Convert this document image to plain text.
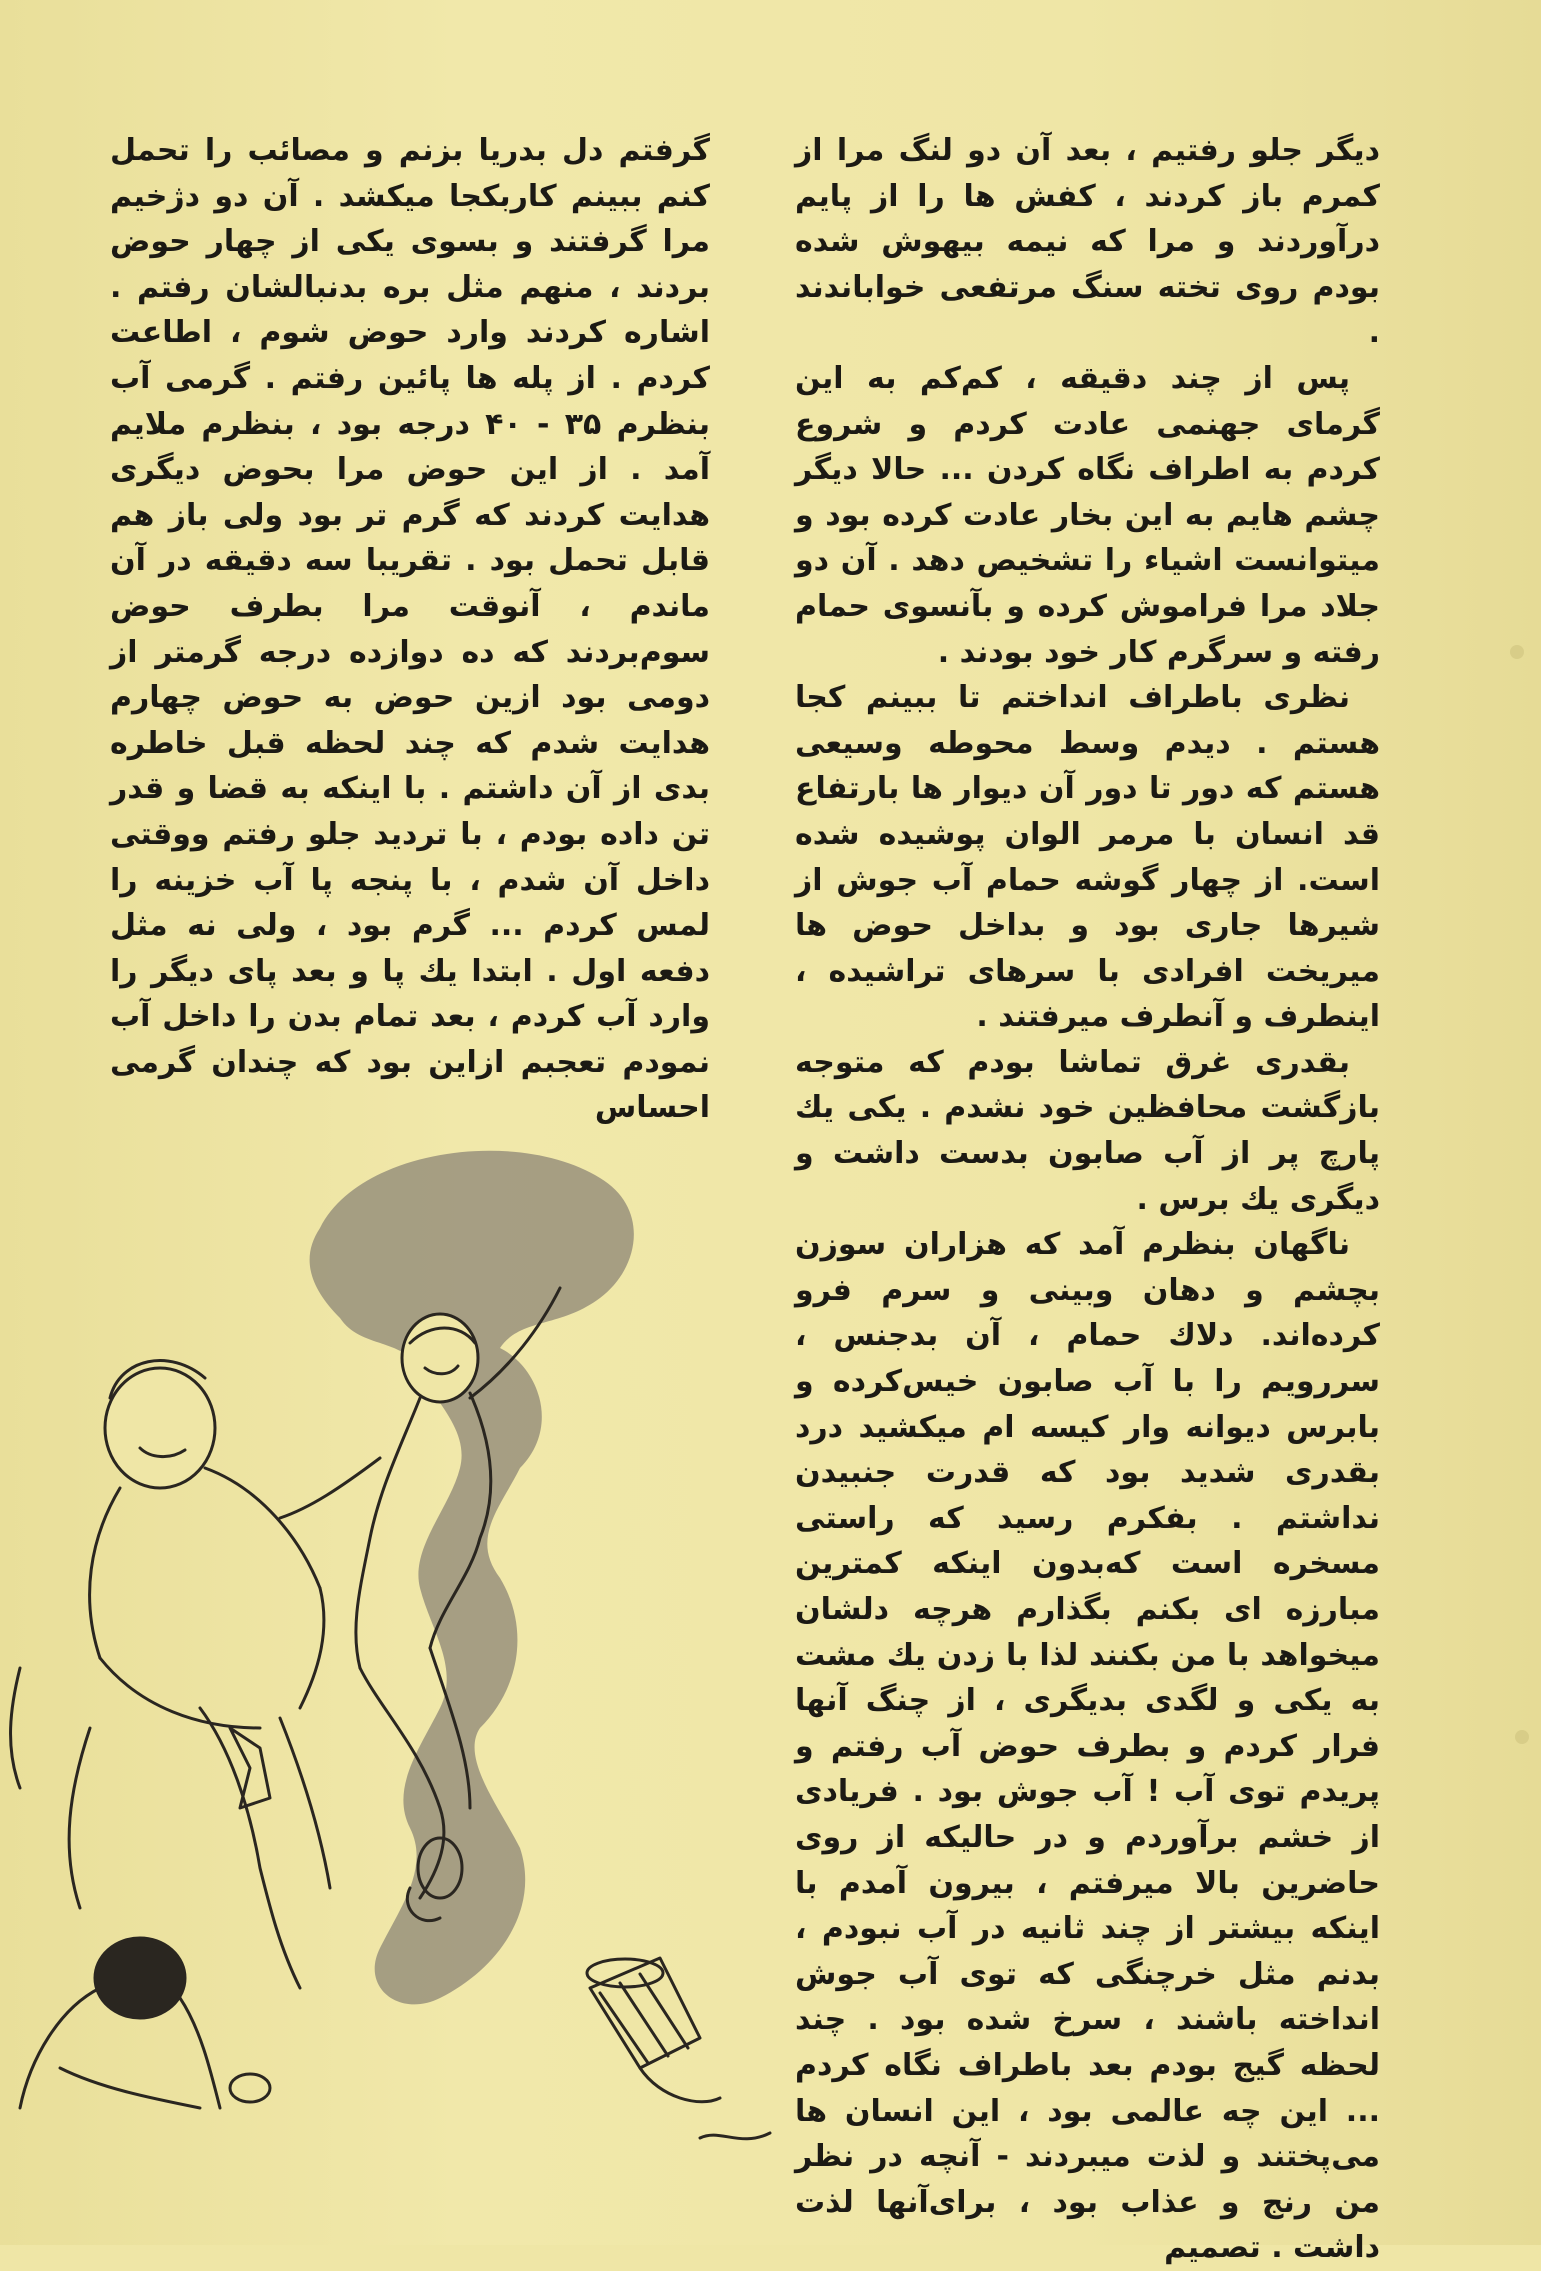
دیگر جلو رفتیم ، بعد آن دو لنگ مرا از کمرم باز کردند ، کفش ها را از پایم درآوردند و مرا که نیمه بیهوش شده بودم روی تخته سنگ مرتفعی خواباندند .

پس از چند دقیقه ، کم‌کم به این گرمای جهنمی عادت کردم و شروع کردم به اطراف نگاه کردن ... حالا دیگر چشم هایم به این بخار عادت کرده بود و میتوانست اشیاء را تشخیص دهد . آن دو جلاد مرا فراموش کرده و بآنسوی حمام رفته و سرگرم کار خود بودند .

نظری باطراف انداختم تا ببینم کجا هستم . دیدم وسط محوطه وسیعی هستم که دور تا دور آن دیوار ها بارتفاع قد انسان با مرمر الوان پوشیده شده است. از چهار گوشه حمام آب جوش از شیرها جاری بود و بداخل حوض ها میریخت افرادی با سرهای تراشیده ، اینطرف و آنطرف میرفتند .

بقدری غرق تماشا بودم که متوجه بازگشت محافظین خود نشدم . یکی یك پارچ پر از آب صابون بدست داشت و دیگری یك برس .

ناگهان بنظرم آمد که هزاران سوزن بچشم و دهان وبینی و سرم فرو کرده‌اند. دلاك حمام ، آن بدجنس ، سررویم را با آب صابون خیس‌کرده و بابرس دیوانه وار کیسه ام میکشید درد بقدری شدید بود که قدرت جنبیدن نداشتم . بفکرم رسید که راستی مسخره است که‌بدون اینکه کمترین مبارزه ای بکنم بگذارم هرچه دلشان میخواهد با من بکنند لذا با زدن یك مشت به یکی و لگدی بدیگری ، از چنگ آنها فرار کردم و بطرف حوض آب رفتم و پریدم توی آب ! آب جوش بود . فریادی از خشم برآوردم و در حالیکه از روی حاضرین بالا میرفتم ، بیرون آمدم با اینکه بیشتر از چند ثانیه در آب نبودم ، بدنم مثل خرچنگی که توی آب جوش انداخته باشند ، سرخ شده بود . چند لحظه گیج بودم بعد باطراف نگاه کردم ... این چه عالمی بود ، این انسان ها می‌پختند و لذت میبردند - آنچه در نظر من رنج و عذاب بود ، برای‌آنها لذت داشت . تصمیم

گرفتم دل بدریا بزنم و مصائب را تحمل کنم ببینم کاربکجا میکشد . آن دو دژخیم مرا گرفتند و بسوی یکی از چهار حوض بردند ، منهم مثل بره بدنبالشان رفتم . اشاره کردند وارد حوض شوم ، اطاعت کردم . از پله ها پائین رفتم . گرمی آب بنظرم ۳۵ - ۴۰ درجه بود ، بنظرم ملایم آمد . از این حوض مرا بحوض دیگری هدایت کردند که گرم تر بود ولی باز هم قابل تحمل بود . تقریبا سه دقیقه در آن ماندم ، آنوقت مرا بطرف حوض سوم‌بردند که ده دوازده درجه گرمتر از دومی بود ازین حوض به حوض چهارم هدایت شدم که چند لحظه قبل خاطره بدی از آن داشتم . با اینکه به قضا و قدر تن داده بودم ، با تردید جلو رفتم ووقتی داخل آن شدم ، با پنجه پا آب خزینه را لمس کردم ... گرم بود ، ولی نه مثل دفعه اول . ابتدا یك پا و بعد پای دیگر را وارد آب کردم ، بعد تمام بدن را داخل آب نمودم تعجبم ازاین بود که چندان گرمی احساس
